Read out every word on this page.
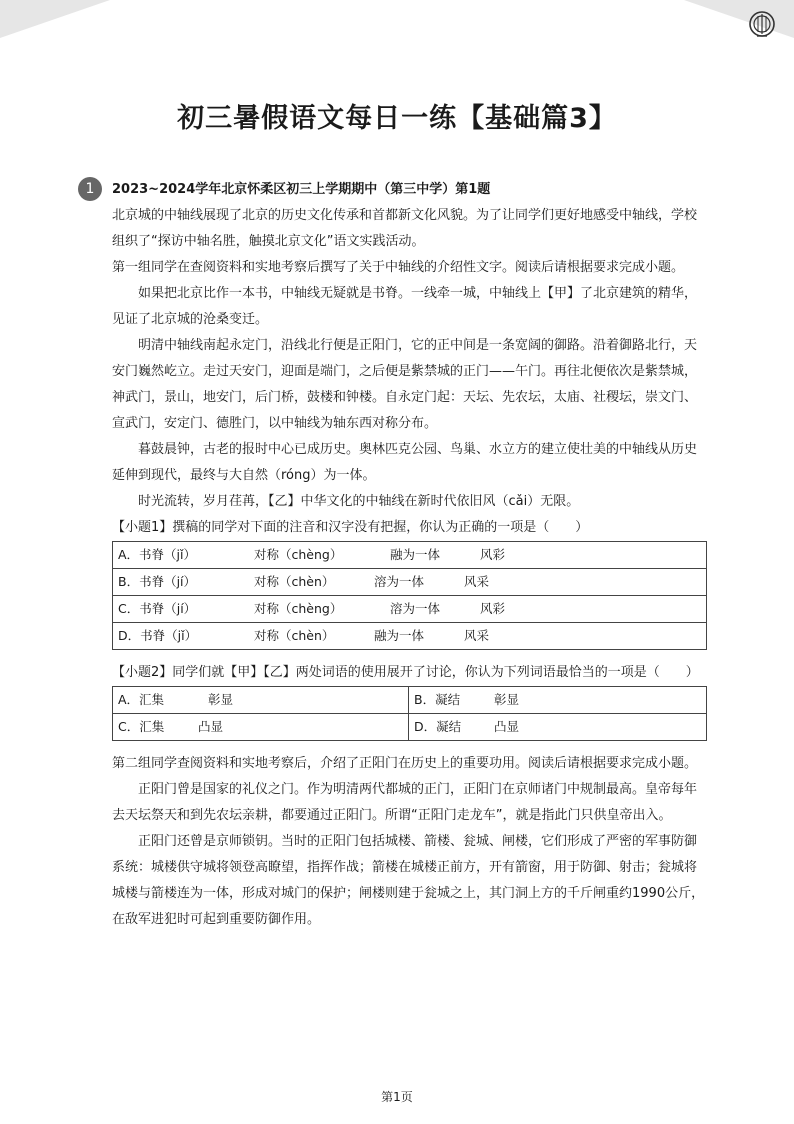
初三暑假语文每日一练【基础篇3】
1	2023~2024学年北京怀柔区初三上学期期中（第三中学）第1题

北京城的中轴线展现了北京的历史文化传承和首都新文化风貌。为了让同学们更好地感受中轴线，学校组织了“探访中轴名胜，触摸北京文化”语文实践活动。

第一组同学在查阅资料和实地考察后撰写了关于中轴线的介绍性文字。阅读后请根据要求完成小题。

如果把北京比作一本书，中轴线无疑就是书脊。一线牵一城，中轴线上【甲】了北京建筑的精华，见证了北京城的沧桑变迁。

明清中轴线南起永定门，沿线北行便是正阳门，它的正中间是一条宽阔的御路。沿着御路北行，天安门巍然屹立。走过天安门，迎面是端门，之后便是紫禁城的正门——午门。再往北便依次是紫禁城，神武门，景山，地安门，后门桥，鼓楼和钟楼。自永定门起：天坛、先农坛，太庙、社稷坛，崇文门、宣武门，安定门、德胜门，以中轴线为轴东西对称分布。

暮鼓晨钟，古老的报时中心已成历史。奥林匹克公园、鸟巢、水立方的建立使壮美的中轴线从历史延伸到现代，最终与大自然（róng）为一体。

时光流转，岁月荏苒，【乙】中华文化的中轴线在新时代依旧风（cǎi）无限。

【小题1】撰稿的同学对下面的注音和汉字没有把握，你认为正确的一项是（　　）

A．书脊（jǐ）	对称（chèng）	融为一体	风彩
B．书脊（jí）	对称（chèn）	溶为一体	风采
C．书脊（jí）	对称（chèng）	溶为一体	风彩
D．书脊（jǐ）	对称（chèn）	融为一体	风采

【小题2】同学们就【甲】【乙】两处词语的使用展开了讨论，你认为下列词语最恰当的一项是（　　）

A．汇集 彰显	B．凝结 彰显
C．汇集 凸显	D．凝结 凸显

第二组同学查阅资料和实地考察后，介绍了正阳门在历史上的重要功用。阅读后请根据要求完成小题。

正阳门曾是国家的礼仪之门。作为明清两代都城的正门，正阳门在京师诸门中规制最高。皇帝每年去天坛祭天和到先农坛亲耕，都要通过正阳门。所谓“正阳门走龙车”，就是指此门只供皇帝出入。

正阳门还曾是京师锁钥。当时的正阳门包括城楼、箭楼、瓮城、闸楼，它们形成了严密的军事防御系统：城楼供守城将领登高瞭望，指挥作战；箭楼在城楼正前方，开有箭窗，用于防御、射击；瓮城将城楼与箭楼连为一体，形成对城门的保护；闸楼则建于瓮城之上，其门洞上方的千斤闸重约1990公斤，在敌军进犯时可起到重要防御作用。

第1页
